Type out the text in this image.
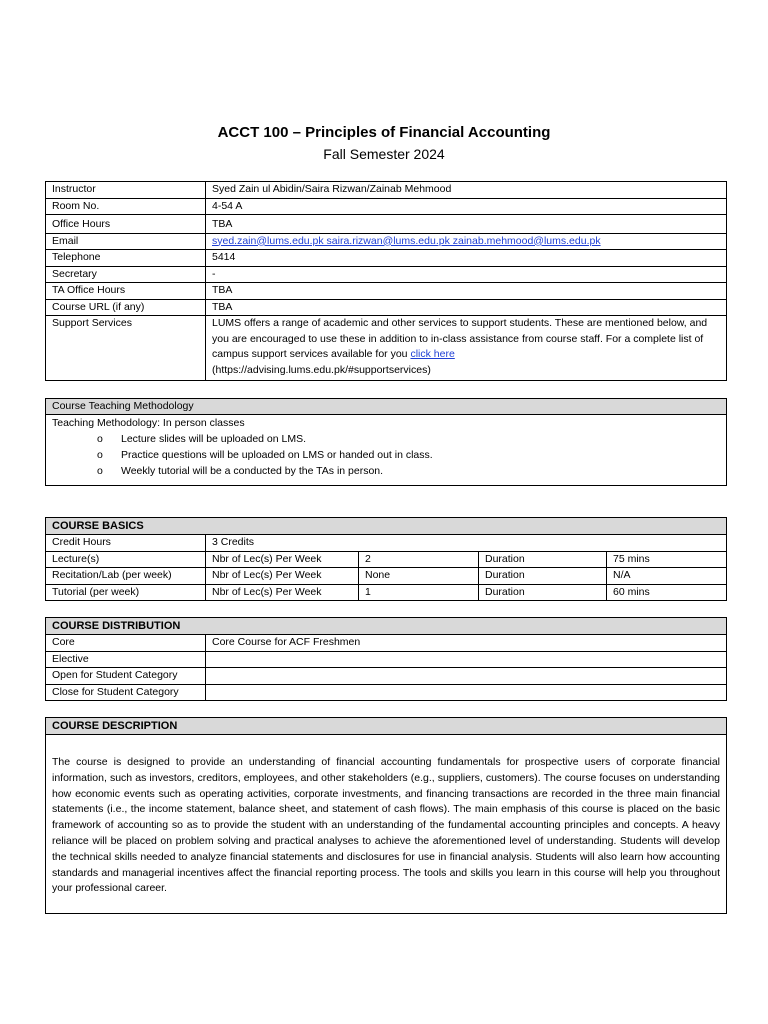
ACCT 100 – Principles of Financial Accounting
Fall Semester 2024
Instructor	Syed Zain ul Abidin/Saira Rizwan/Zainab Mehmood
Room No.	4-54 A
Office Hours	TBA
Email	syed.zain@lums.edu.pk saira.rizwan@lums.edu.pk zainab.mehmood@lums.edu.pk
Telephone	5414
Secretary	-
TA Office Hours	TBA
Course URL (if any)	TBA
Support Services	LUMS offers a range of academic and other services to support students. These are mentioned below, and you are encouraged to use these in addition to in-class assistance from course staff. For a complete list of campus support services available for you click here
(https://advising.lums.edu.pk/#supportservices)
Course Teaching Methodology

Teaching Methodology: In person classes
o Lecture slides will be uploaded on LMS.
o Practice questions will be uploaded on LMS or handed out in class.
o Weekly tutorial will be a conducted by the TAs in person.
COURSE BASICS				
Credit Hours	3 Credits			
Lecture(s)	Nbr of Lec(s) Per Week	2	Duration	75 mins
Recitation/Lab (per week)	Nbr of Lec(s) Per Week	None	Duration	N/A
Tutorial (per week)	Nbr of Lec(s) Per Week	1	Duration	60 mins
COURSE DISTRIBUTION	
Core	Core Course for ACF Freshmen
Elective	
Open for Student Category	
Close for Student Category	
COURSE DESCRIPTION
The course is designed to provide an understanding of financial accounting fundamentals for prospective users of corporate financial information, such as investors, creditors, employees, and other stakeholders (e.g., suppliers, customers). The course focuses on understanding how economic events such as operating activities, corporate investments, and financing transactions are recorded in the three main financial statements (i.e., the income statement, balance sheet, and statement of cash flows). The main emphasis of this course is placed on the basic framework of accounting so as to provide the student with an understanding of the fundamental accounting principles and concepts. A heavy reliance will be placed on problem solving and practical analyses to achieve the aforementioned level of understanding. Students will develop the technical skills needed to analyze financial statements and disclosures for use in financial analysis. Students will also learn how accounting standards and managerial incentives affect the financial reporting process. The tools and skills you learn in this course will help you throughout your professional career.
